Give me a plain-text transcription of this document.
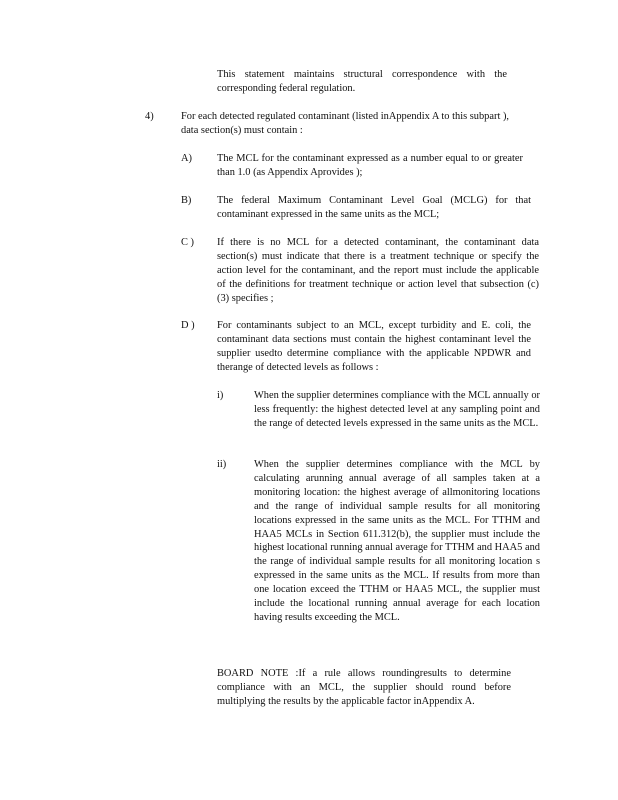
This statement maintains structural correspondence with the corresponding federal regulation.

4)	For each detected regulated contaminant (listed inAppendix A to this subpart ), data section(s) must contain :

A) The MCL for the contaminant expressed as a number equal to or greater than 1.0 (as Appendix Aprovides );

B) The federal Maximum Contaminant Level Goal (MCLG) for that contaminant expressed in the same units as the MCL;

C ) If there is no MCL for a detected contaminant, the contaminant data section(s) must indicate that there is a treatment technique or specify the action level for the contaminant, and the report must include the applicable of the definitions for treatment technique or action level that subsection (c)(3) specifies ;

D ) For contaminants subject to an MCL, except turbidity and E. coli, the contaminant data sections must contain the highest contaminant level the supplier usedto determine compliance with the applicable NPDWR and therange of detected levels as follows :

i)	When the supplier determines compliance with the MCL annually or less frequently: the highest detected level at any sampling point and the range of detected levels expressed in the same units as the MCL.

ii)	When the supplier determines compliance with the MCL by calculating arunning annual average of all samples taken at a monitoring location: the highest average of allmonitoring locations and the range of individual sample results for all monitoring locations expressed in the same units as the MCL. For TTHM and HAA5 MCLs in Section 611.312(b), the supplier must include the highest locational running annual average for TTHM and HAA5 and the range of individual sample results for all monitoring location s expressed in the same units as the MCL. If results from more than one location exceed the TTHM or HAA5 MCL, the supplier must include the locational running annual average for each location having results exceeding the MCL.

BOARD NOTE :If a rule allows roundingresults to determine compliance with an MCL, the supplier should round before multiplying the results by the applicable factor inAppendix A.
